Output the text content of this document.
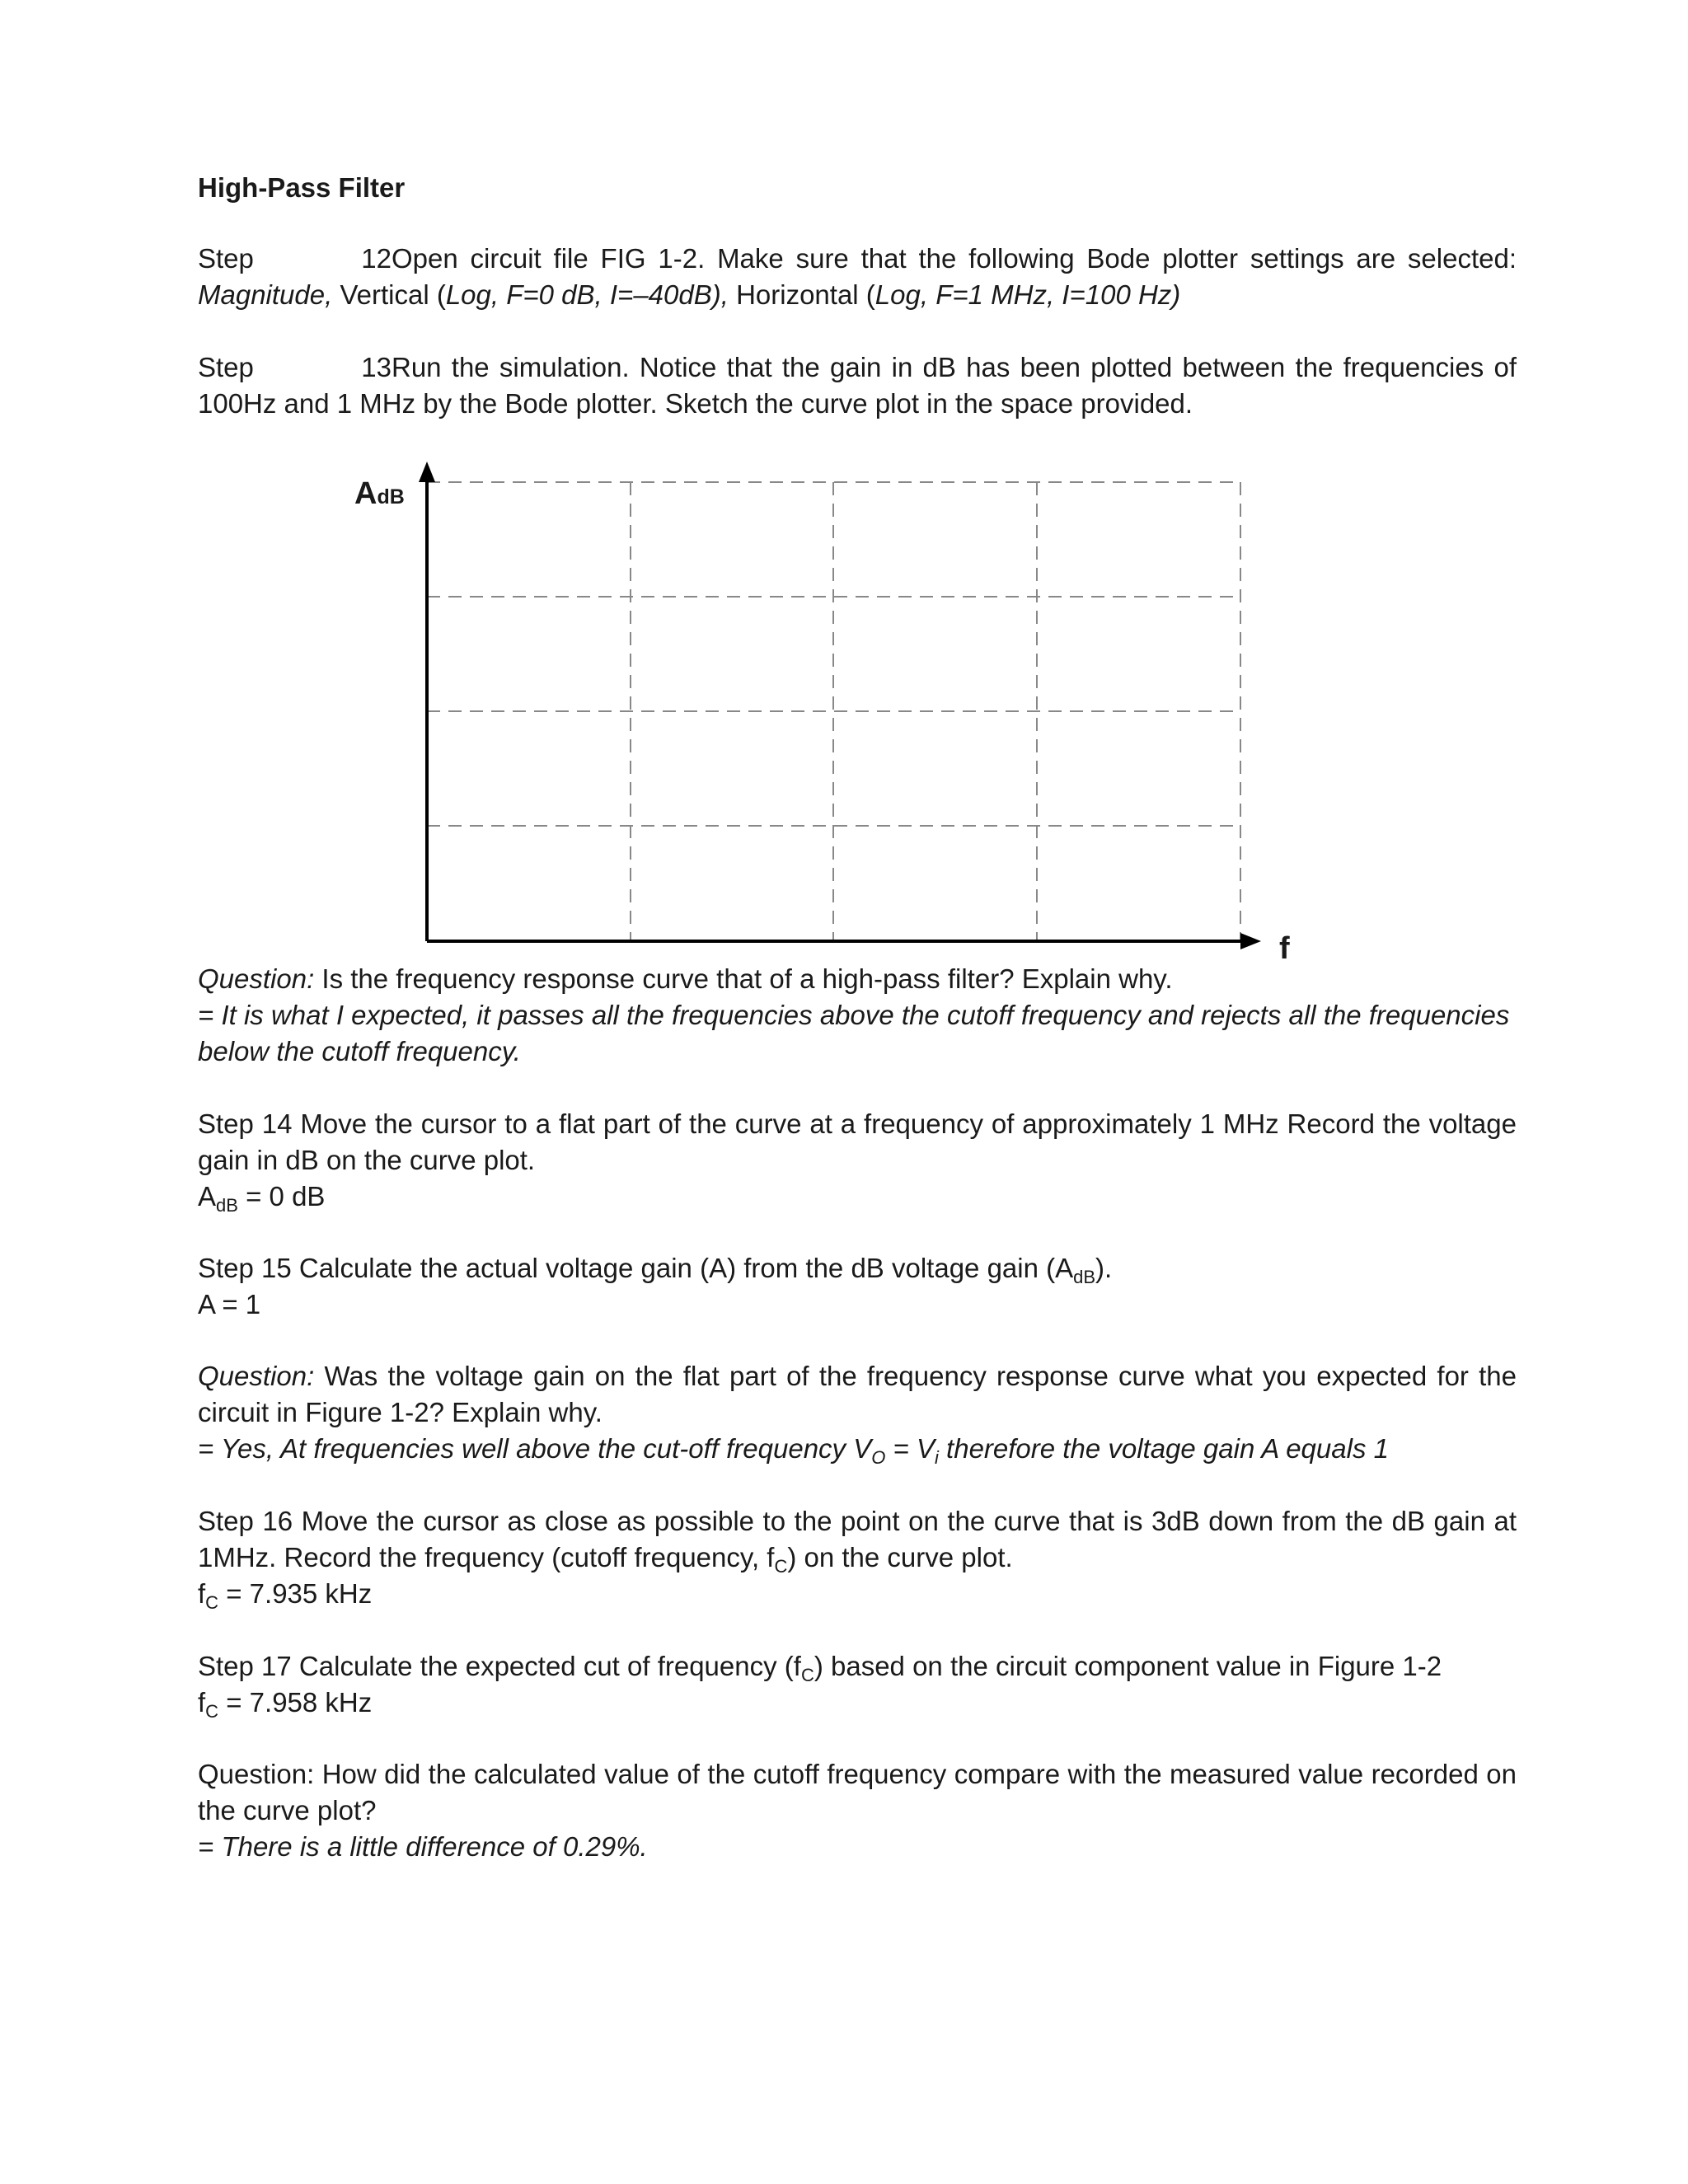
High-Pass Filter
Step 12Open circuit file FIG 1-2. Make sure that the following Bode plotter settings are selected:
Magnitude, Vertical (Log, F=0 dB, I=–40dB), Horizontal (Log, F=1 MHz, I=100 Hz)
Step 13Run the simulation. Notice that the gain in dB has been plotted between the frequencies of
100Hz and 1 MHz by the Bode plotter. Sketch the curve plot in the space provided.
AdB
f
Question: Is the frequency response curve that of a high-pass filter? Explain why.
= It is what I expected, it passes all the frequencies above the cutoff frequency and rejects all the frequencies
below the cutoff frequency.
Step 14 Move the cursor to a flat part of the curve at a frequency of approximately 1 MHz Record the voltage
gain in dB on the curve plot.
$A_{dB} = 0$ dB
Step 15 Calculate the actual voltage gain (A) from the dB voltage gain $(A_{dB})$.
A = 1
Question: Was the voltage gain on the flat part of the frequency response curve what you expected for the
circuit in Figure 1-2? Explain why.
= Yes, At frequencies well above the cut-off frequency $V_O = V_i$ therefore the voltage gain A equals 1
Step 16 Move the cursor as close as possible to the point on the curve that is 3dB down from the dB gain at
1MHz. Record the frequency (cutoff frequency, $f_C$) on the curve plot.
$f_C = 7.935$ kHz
Step 17 Calculate the expected cut of frequency $(f_C)$ based on the circuit component value in Figure 1-2
$f_C = 7.958$ kHz
Question: How did the calculated value of the cutoff frequency compare with the measured value recorded on
the curve plot?
= There is a little difference of 0.29%.
